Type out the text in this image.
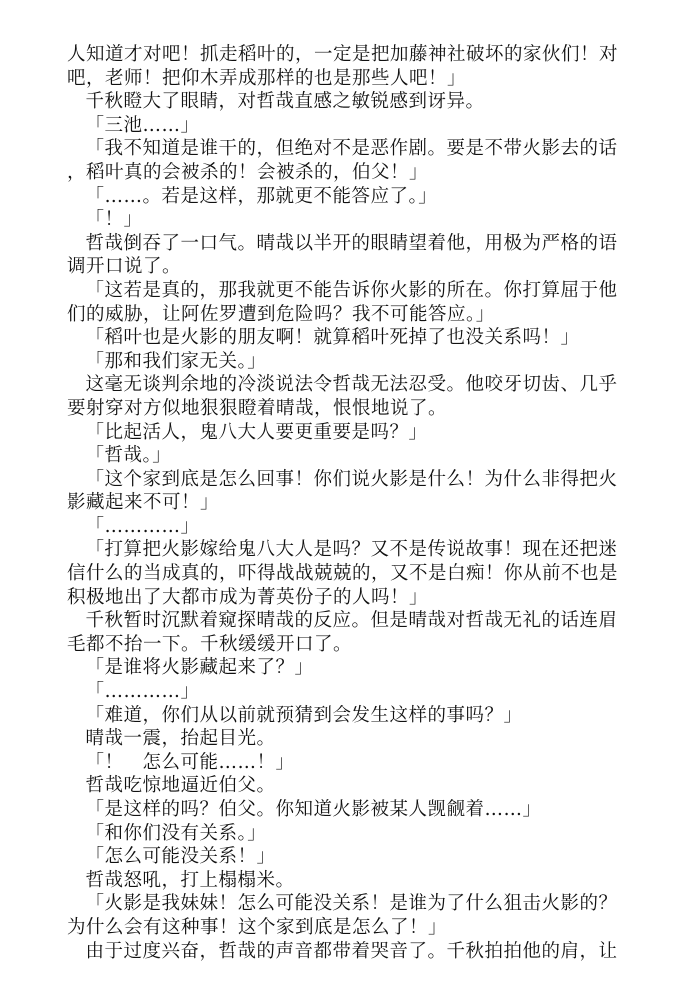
人知道才对吧！抓走稻叶的，一定是把加藤神社破坏的家伙们！对吧，老师！把仰木弄成那样的也是那些人吧！」

千秋瞪大了眼睛，对哲哉直感之敏锐感到讶异。

「三池……」

「我不知道是谁干的，但绝对不是恶作剧。要是不带火影去的话，稻叶真的会被杀的！会被杀的，伯父！」

「……。若是这样，那就更不能答应了。」

「！」

哲哉倒吞了一口气。晴哉以半开的眼睛望着他，用极为严格的语调开口说了。

「这若是真的，那我就更不能告诉你火影的所在。你打算屈于他们的威胁，让阿佐罗遭到危险吗？我不可能答应。」

「稻叶也是火影的朋友啊！就算稻叶死掉了也没关系吗！」

「那和我们家无关。」

这毫无谈判余地的冷淡说法令哲哉无法忍受。他咬牙切齿、几乎要射穿对方似地狠狠瞪着晴哉，恨恨地说了。

「比起活人，鬼八大人要更重要是吗？」

「哲哉。」

「这个家到底是怎么回事！你们说火影是什么！为什么非得把火影藏起来不可！」

「…………」

「打算把火影嫁给鬼八大人是吗？又不是传说故事！现在还把迷信什么的当成真的，吓得战战兢兢的，又不是白痴！你从前不也是积极地出了大都市成为菁英份子的人吗！」

千秋暂时沉默着窥探晴哉的反应。但是晴哉对哲哉无礼的话连眉毛都不抬一下。千秋缓缓开口了。

「是谁将火影藏起来了？」

「…………」

「难道，你们从以前就预猜到会发生这样的事吗？」

晴哉一震，抬起目光。

「！　怎么可能……！」

哲哉吃惊地逼近伯父。

「是这样的吗？伯父。你知道火影被某人觊觎着……」

「和你们没有关系。」

「怎么可能没关系！」

哲哉怒吼，打上榻榻米。

「火影是我妹妹！怎么可能没关系！是谁为了什么狙击火影的？为什么会有这种事！这个家到底是怎么了！」

由于过度兴奋，哲哉的声音都带着哭音了。千秋拍拍他的肩，让
